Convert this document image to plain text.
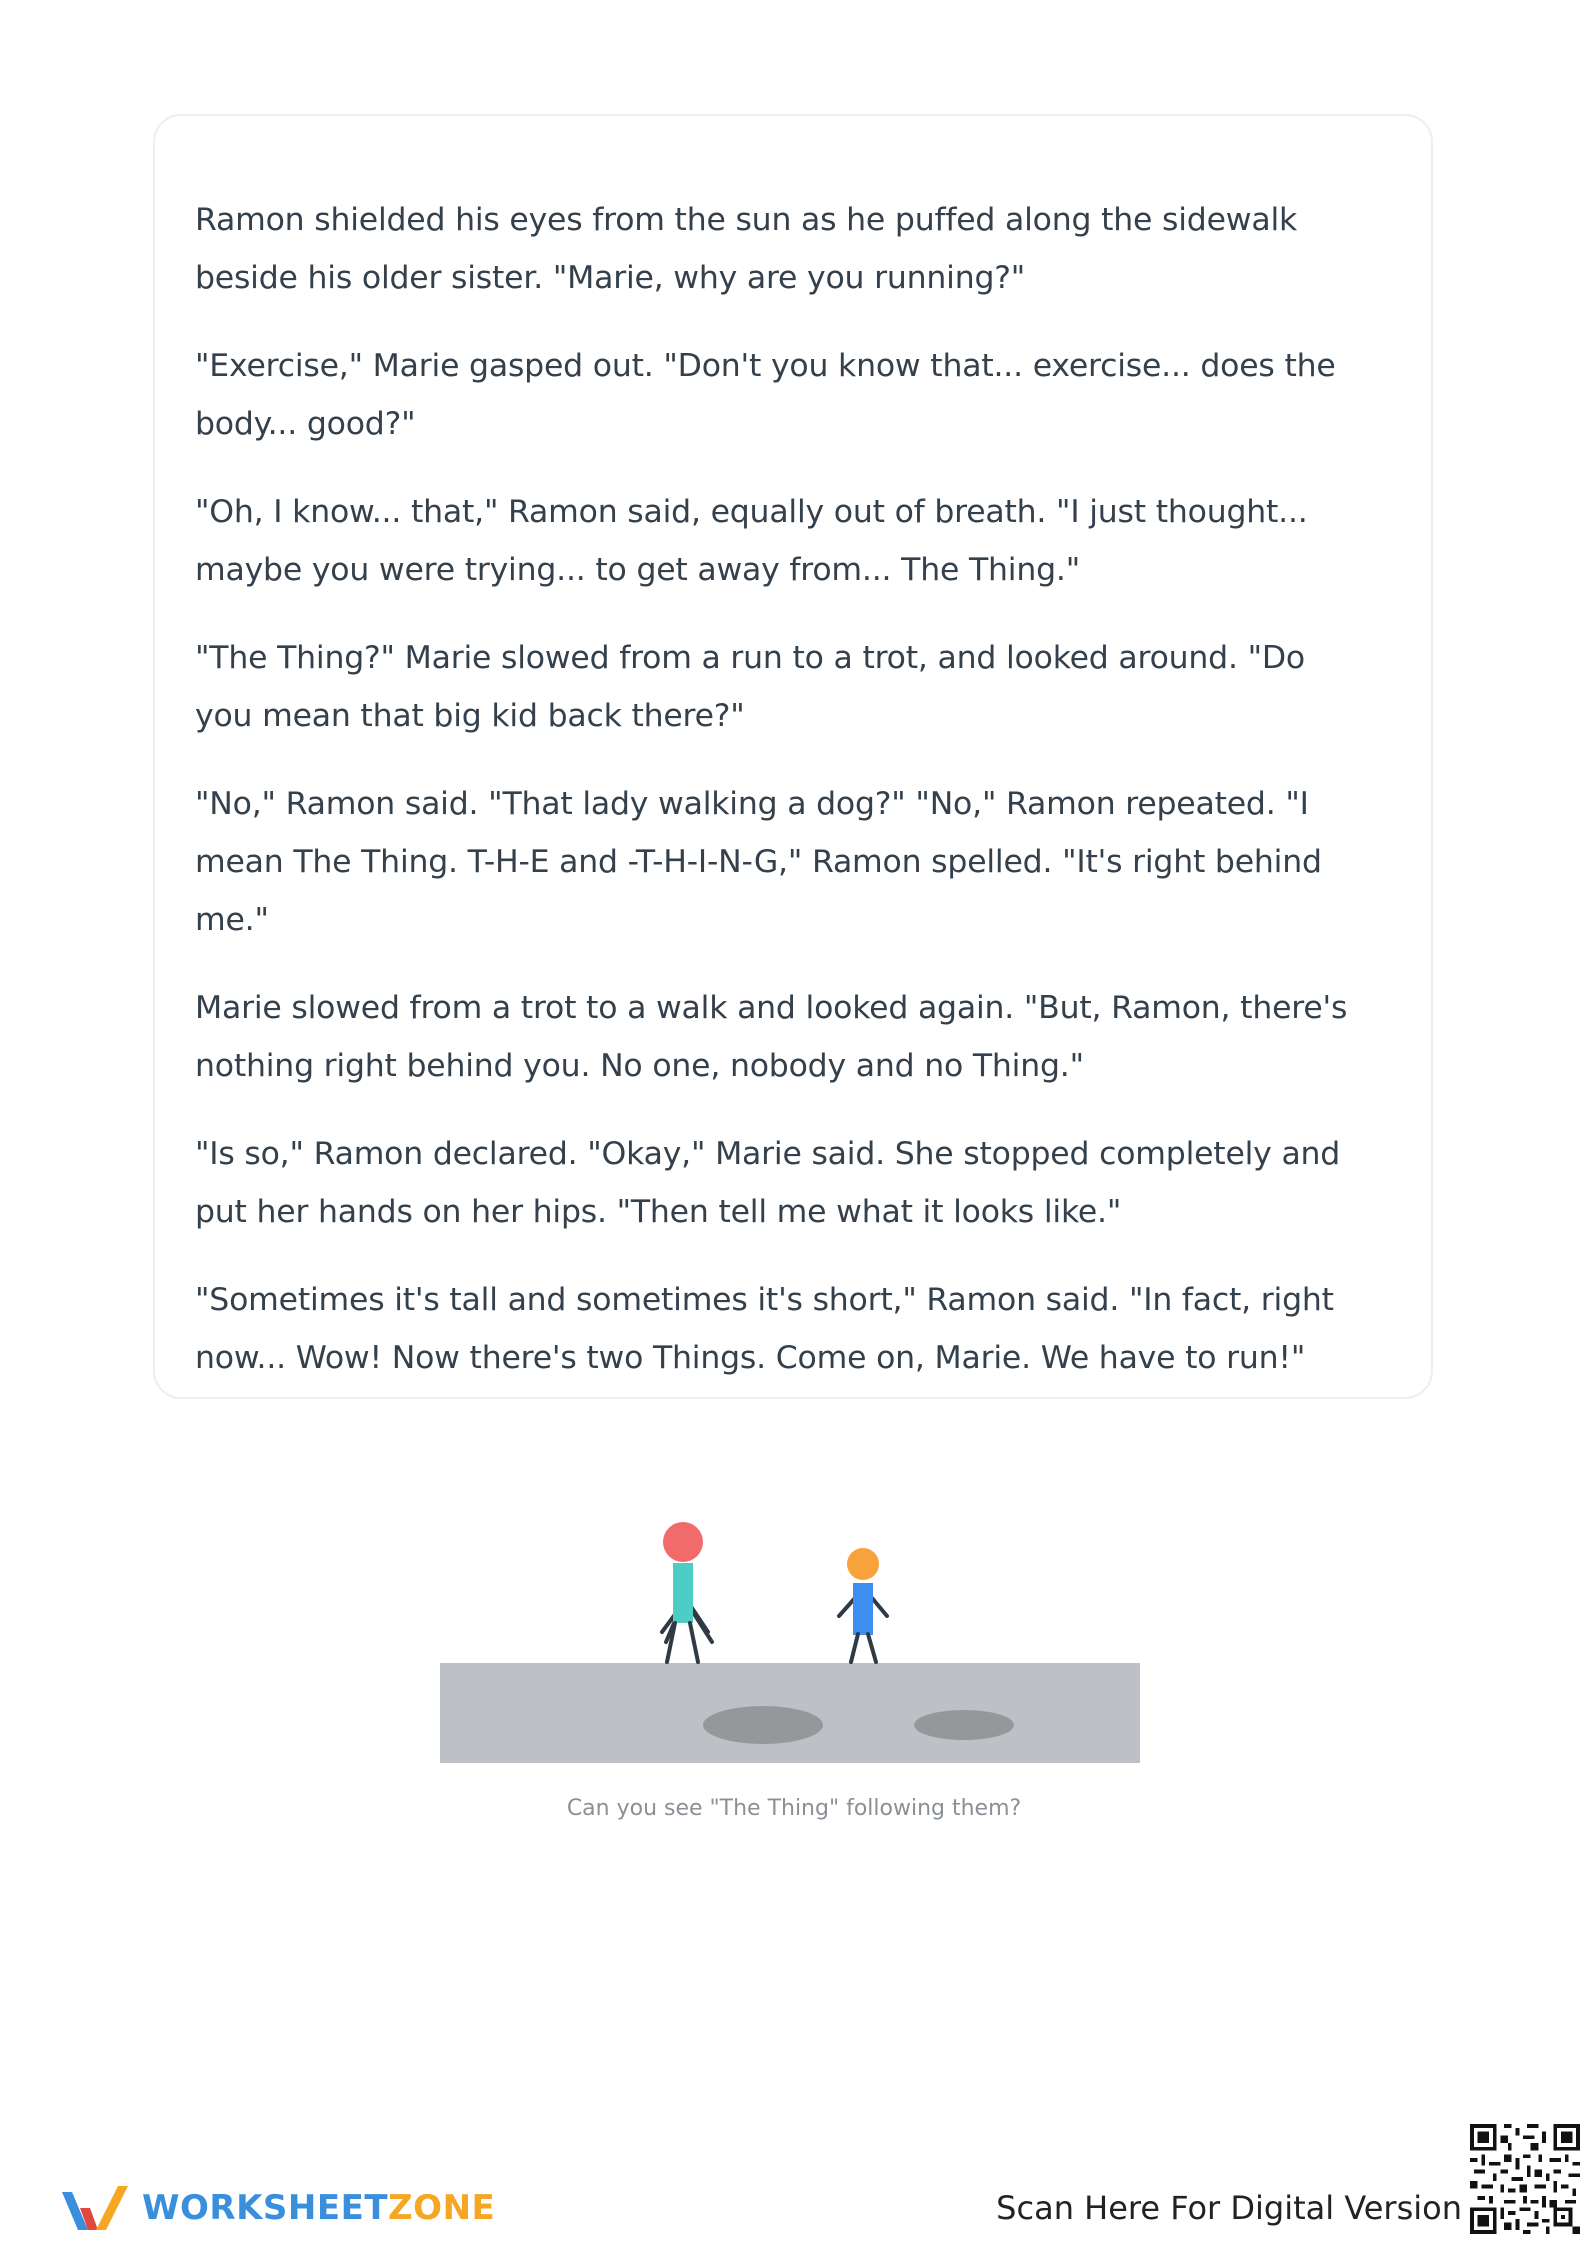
Ramon shielded his eyes from the sun as he puffed along the sidewalk beside his older sister. "Marie, why are you running?"

"Exercise," Marie gasped out. "Don't you know that... exercise... does the body... good?"

"Oh, I know... that," Ramon said, equally out of breath. "I just thought... maybe you were trying... to get away from... The Thing."

"The Thing?" Marie slowed from a run to a trot, and looked around. "Do you mean that big kid back there?"

"No," Ramon said. "That lady walking a dog?" "No," Ramon repeated. "I mean The Thing. T-H-E and -T-H-I-N-G," Ramon spelled. "It's right behind me."

Marie slowed from a trot to a walk and looked again. "But, Ramon, there's nothing right behind you. No one, nobody and no Thing."

"Is so," Ramon declared. "Okay," Marie said. She stopped completely and put her hands on her hips. "Then tell me what it looks like."

"Sometimes it's tall and sometimes it's short," Ramon said. "In fact, right now... Wow! Now there's two Things. Come on, Marie. We have to run!"

Can you see "The Thing" following them?
WORKSHEETZONE	Scan Here For Digital Version
